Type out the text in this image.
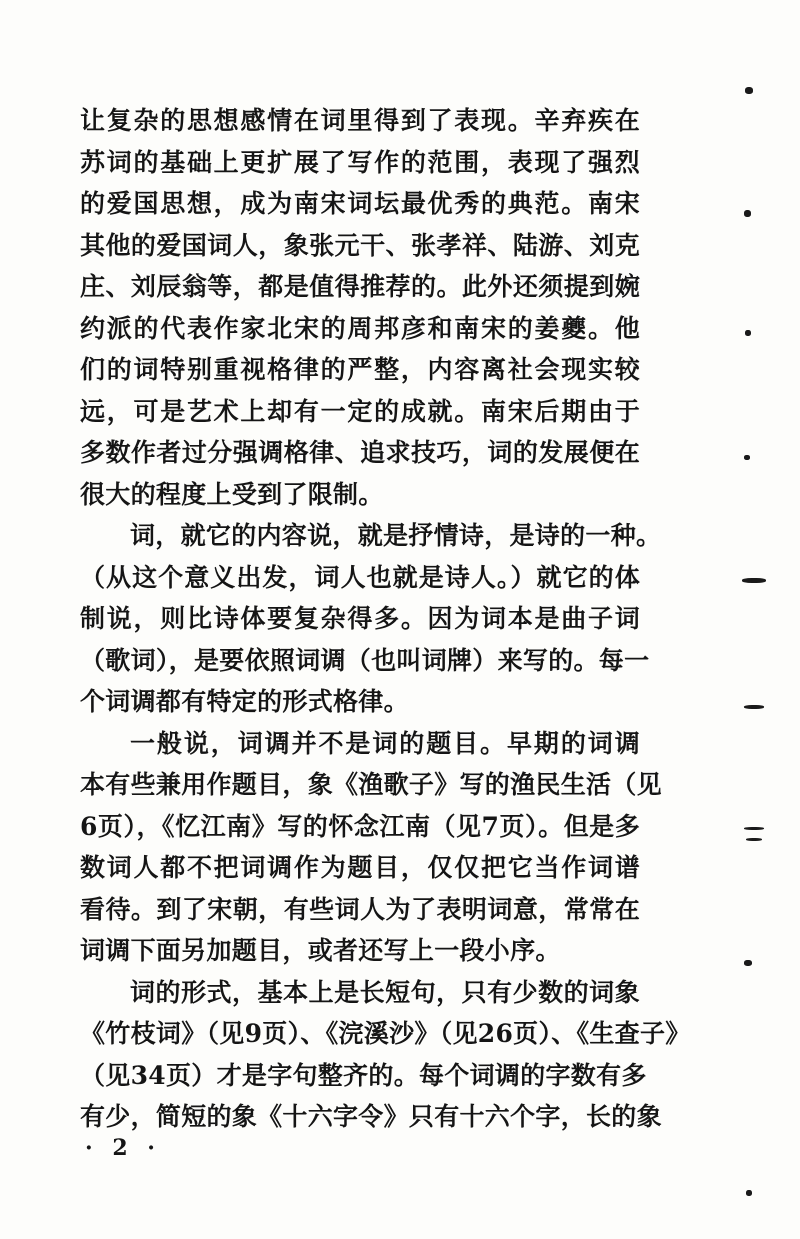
让复杂的思想感情在词里得到了表现。辛弃疾在
苏词的基础上更扩展了写作的范围，表现了强烈
的爱国思想，成为南宋词坛最优秀的典范。南宋
其他的爱国词人，象张元干、张孝祥、陆游、刘克
庄、刘辰翁等，都是值得推荐的。此外还须提到婉
约派的代表作家北宋的周邦彦和南宋的姜夔。他
们的词特别重视格律的严整，内容离社会现实较
远，可是艺术上却有一定的成就。南宋后期由于
多数作者过分强调格律、追求技巧，词的发展便在
很大的程度上受到了限制。
词，就它的内容说，就是抒情诗，是诗的一种。
（从这个意义出发，词人也就是诗人。）就它的体
制说，则比诗体要复杂得多。因为词本是曲子词
（歌词），是要依照词调（也叫词牌）来写的。每一
个词调都有特定的形式格律。
一般说，词调并不是词的题目。早期的词调
本有些兼用作题目，象《渔歌子》写的渔民生活（见
6页），《忆江南》写的怀念江南（见7页）。但是多
数词人都不把词调作为题目，仅仅把它当作词谱
看待。到了宋朝，有些词人为了表明词意，常常在
词调下面另加题目，或者还写上一段小序。
词的形式，基本上是长短句，只有少数的词象
《竹枝词》（见9页）、《浣溪沙》（见26页）、《生查子》
（见34页）才是字句整齐的。每个词调的字数有多
有少，简短的象《十六字令》只有十六个字，长的象
· 2 ·
